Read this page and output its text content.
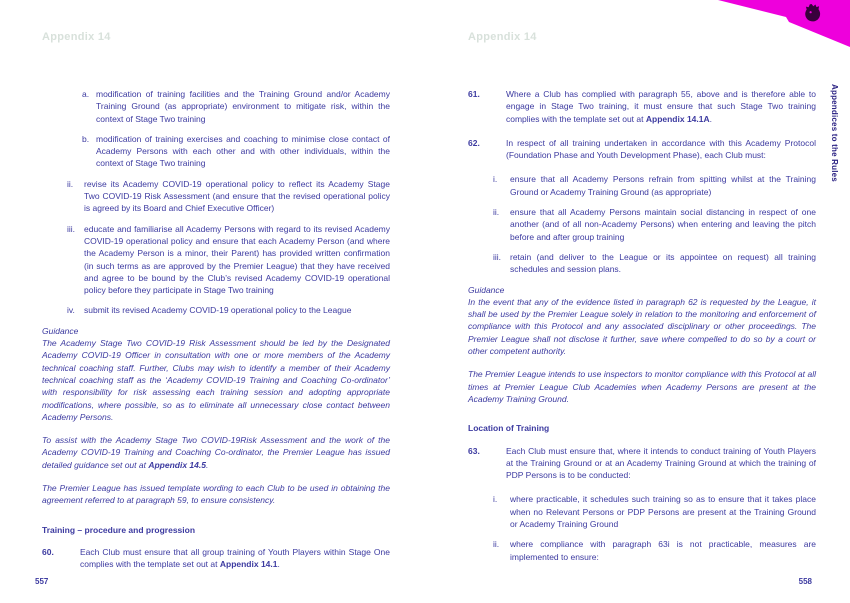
Appendix 14	Appendix 14
Appendices to the Rules
a. modification of training facilities and the Training Ground and/or Academy Training Ground (as appropriate) environment to mitigate risk, within the context of Stage Two training
b. modification of training exercises and coaching to minimise close contact of Academy Persons with each other and with other individuals, within the context of Stage Two training
ii.	revise its Academy COVID-19 operational policy to reflect its Academy Stage Two COVID-19 Risk Assessment (and ensure that the revised operational policy is agreed by its Board and Chief Executive Officer)
iii.	educate and familiarise all Academy Persons with regard to its revised Academy COVID-19 operational policy and ensure that each Academy Person (and where the Academy Person is a minor, their Parent) has provided written confirmation (in such terms as are approved by the Premier League) that they have received and agree to be bound by the Club’s revised Academy COVID-19 operational policy before they participate in Stage Two training
iv.	submit its revised Academy COVID-19 operational policy to the League
Guidance
The Academy Stage Two COVID-19 Risk Assessment should be led by the Designated Academy COVID-19 Officer in consultation with one or more members of the Academy technical coaching staff. Further, Clubs may wish to identify a member of their Academy technical coaching staff as the ‘Academy COVID-19 Training and Coaching Co-ordinator’ with responsibility for risk assessing each training session and adopting appropriate modifications, where possible, so as to eliminate all unnecessary close contact between Academy Persons.
To assist with the Academy Stage Two COVID-19Risk Assessment and the work of the Academy COVID-19 Training and Coaching Co-ordinator, the Premier League has issued detailed guidance set out at Appendix 14.5.
The Premier League has issued template wording to each Club to be used in obtaining the agreement referred to at paragraph 59, to ensure consistency.
Training – procedure and progression
60.	Each Club must ensure that all group training of Youth Players within Stage One complies with the template set out at Appendix 14.1.
61.	Where a Club has complied with paragraph 55, above and is therefore able to engage in Stage Two training, it must ensure that such Stage Two training complies with the template set out at Appendix 14.1A.
62.	In respect of all training undertaken in accordance with this Academy Protocol (Foundation Phase and Youth Development Phase), each Club must:
i.	ensure that all Academy Persons refrain from spitting whilst at the Training Ground or Academy Training Ground (as appropriate)
ii.	ensure that all Academy Persons maintain social distancing in respect of one another (and of all non-Academy Persons) when entering and leaving the pitch before and after group training
iii.	retain (and deliver to the League or its appointee on request) all training schedules and session plans.
Guidance
In the event that any of the evidence listed in paragraph 62 is requested by the League, it shall be used by the Premier League solely in relation to the monitoring and enforcement of compliance with this Protocol and any associated disciplinary or other proceedings. The Premier League shall not disclose it further, save where compelled to do so by a court or other competent authority.
The Premier League intends to use inspectors to monitor compliance with this Protocol at all times at Premier League Club Academies when Academy Persons are present at the Academy Training Ground.
Location of Training
63.	Each Club must ensure that, where it intends to conduct training of Youth Players at the Training Ground or at an Academy Training Ground at which the training of PDP Persons is to be conducted:
i.	where practicable, it schedules such training so as to ensure that it takes place when no Relevant Persons or PDP Persons are present at the Training Ground or Academy Training Ground
ii.	where compliance with paragraph 63i is not practicable, measures are implemented to ensure:
557	558
